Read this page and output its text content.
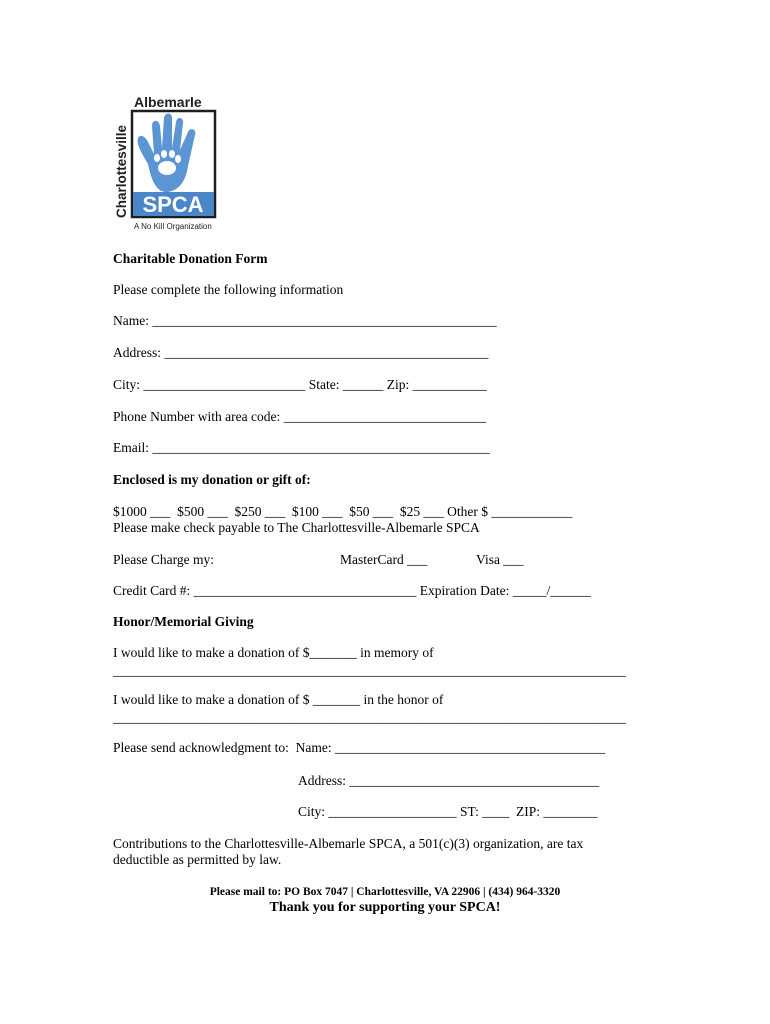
Charlottesville
Albemarle
SPCA
A No Kill Organization

Charitable Donation Form

Please complete the following information

Name: ___________________________________________________

Address: ________________________________________________

City: ________________________ State: ______ Zip: ___________

Phone Number with area code: ______________________________

Email: __________________________________________________

Enclosed is my donation or gift of:

$1000 ___  $500 ___  $250 ___  $100 ___  $50 ___  $25 ___ Other $ ____________

Please make check payable to The Charlottesville-Albemarle SPCA

Please Charge my:	MasterCard ___	Visa ___

Credit Card #: _________________________________ Expiration Date: _____/______

Honor/Memorial Giving

I would like to make a donation of $_______ in memory of

____________________________________________________________________________

I would like to make a donation of $ _______ in the honor of

____________________________________________________________________________

Please send acknowledgment to:  Name: ________________________________________

Address: _____________________________________

City: ___________________ ST: ____  ZIP: ________

Contributions to the Charlottesville-Albemarle SPCA, a 501(c)(3) organization, are tax

deductible as permitted by law.

Please mail to: PO Box 7047 | Charlottesville, VA 22906 | (434) 964-3320

Thank you for supporting your SPCA!
